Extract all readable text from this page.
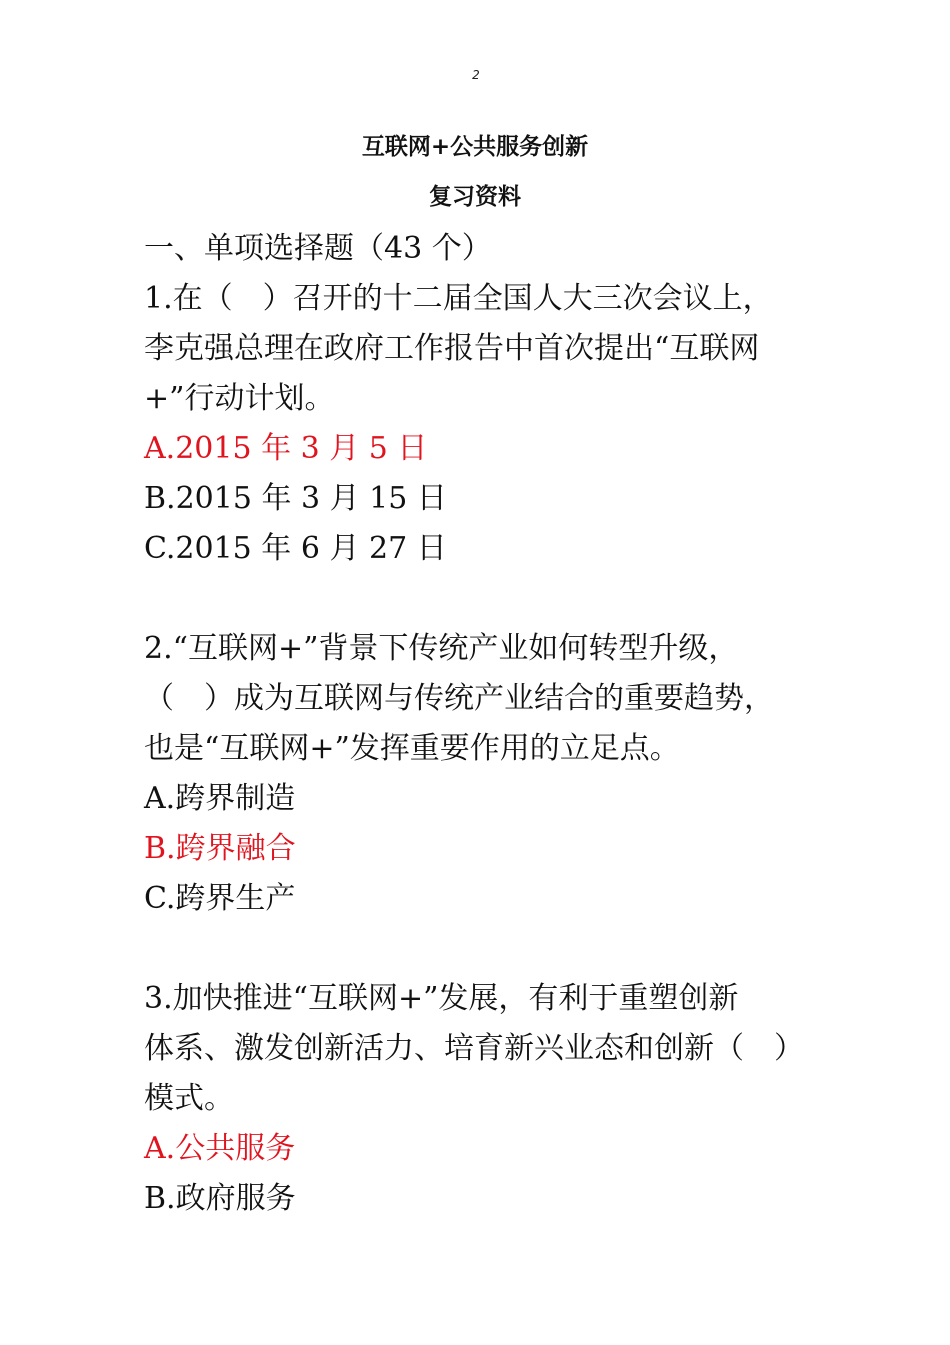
2
互联网+公共服务创新
复习资料
一、单项选择题（43 个）
1.在（　）召开的十二届全国人大三次会议上，
李克强总理在政府工作报告中首次提出“互联网
+”行动计划。
A.2015 年 3 月 5 日
B.2015 年 3 月 15 日
C.2015 年 6 月 27 日
2.“互联网+”背景下传统产业如何转型升级，
（　）成为互联网与传统产业结合的重要趋势，
也是“互联网+”发挥重要作用的立足点。
A.跨界制造
B.跨界融合
C.跨界生产
3.加快推进“互联网+”发展，有利于重塑创新
体系、激发创新活力、培育新兴业态和创新（　）
模式。
A.公共服务
B.政府服务
